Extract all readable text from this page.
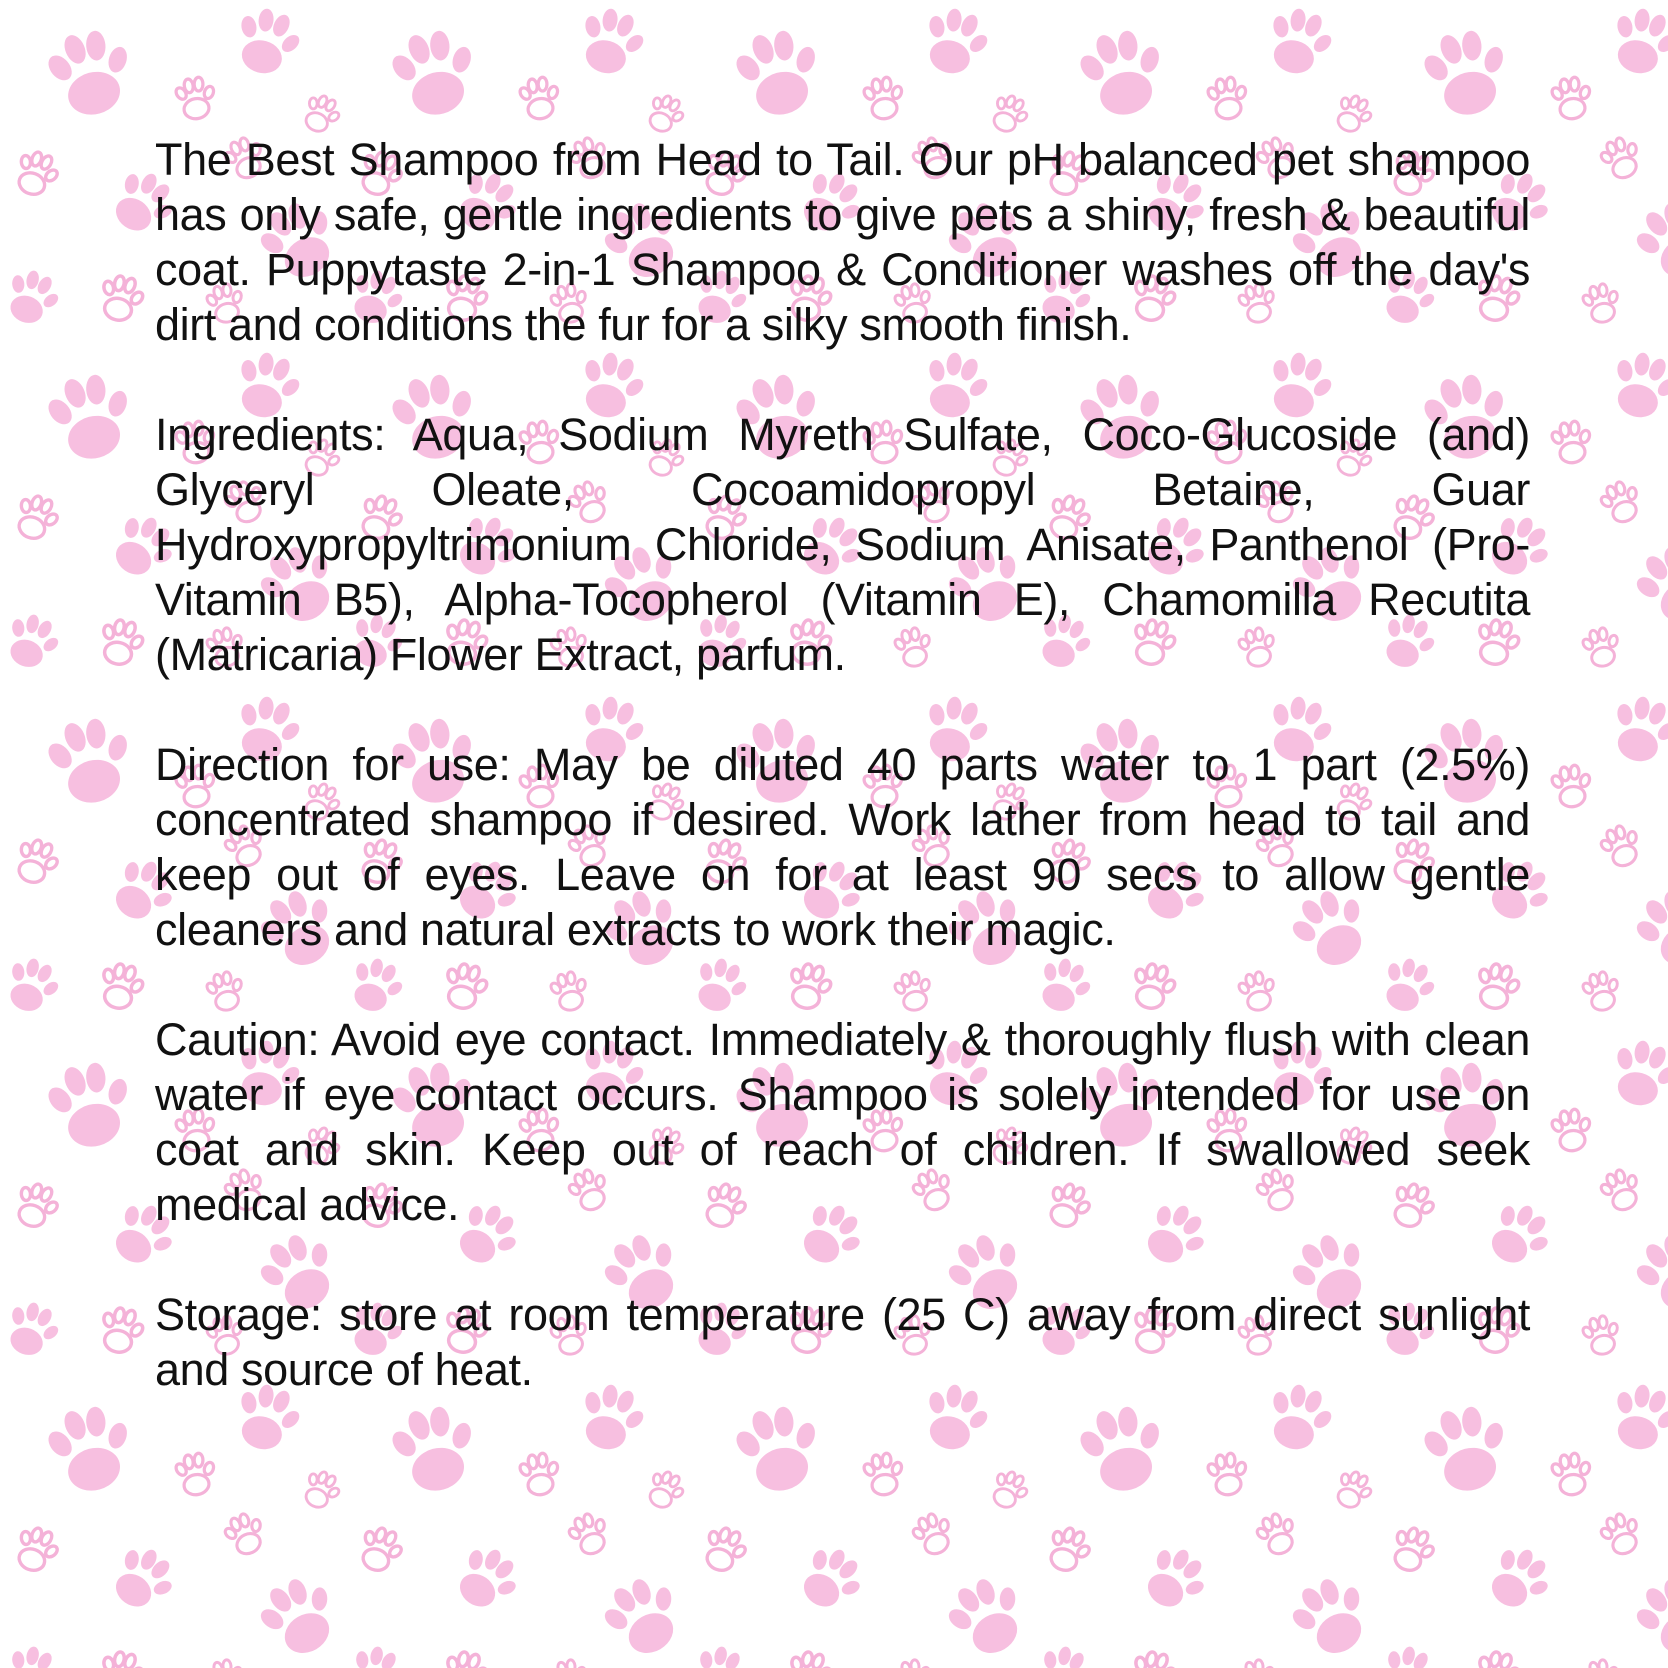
The Best Shampoo from Head to Tail. Our pH balanced pet shampoo has only safe, gentle ingredients to give pets a shiny, fresh & beautiful coat. Puppytaste 2-in-1 Shampoo & Conditioner washes off the day's dirt and conditions the fur for a silky smooth finish.

Ingredients: Aqua, Sodium Myreth Sulfate, Coco-Glucoside (and) Glyceryl Oleate, Cocoamidopropyl Betaine, Guar Hydroxypropyltrimonium Chloride, Sodium Anisate, Panthenol (Pro-Vitamin B5), Alpha-Tocopherol (Vitamin E), Chamomilla Recutita (Matricaria) Flower Extract, parfum.

Direction for use: May be diluted 40 parts water to 1 part (2.5%) concentrated shampoo if desired. Work lather from head to tail and keep out of eyes. Leave on for at least 90 secs to allow gentle cleaners and natural extracts to work their magic.

Caution: Avoid eye contact. Immediately & thoroughly flush with clean water if eye contact occurs. Shampoo is solely intended for use on coat and skin. Keep out of reach of children. If swallowed seek medical advice.

Storage: store at room temperature (25 C) away from direct sunlight and source of heat.
